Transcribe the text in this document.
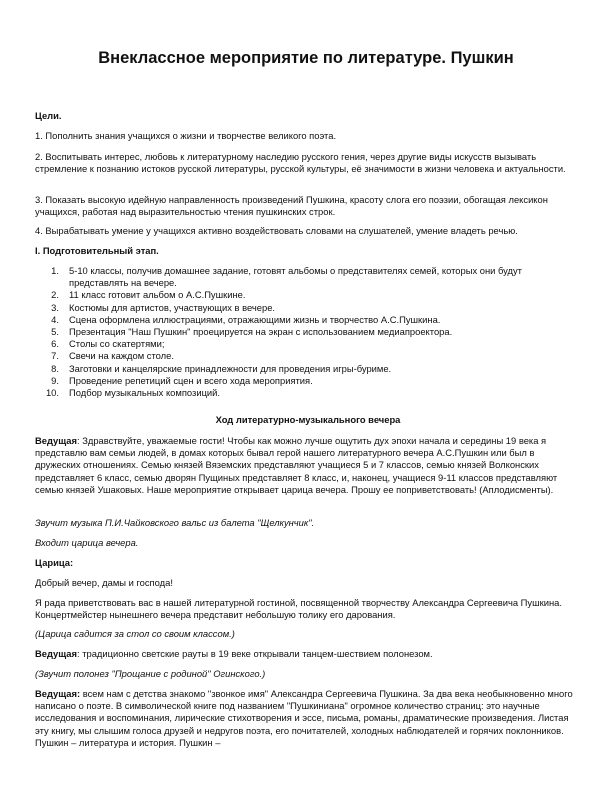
Внеклассное мероприятие по литературе. Пушкин

Цели.

1. Пополнить знания учащихся о жизни и творчестве великого поэта.

2. Воспитывать интерес, любовь к литературному наследию русского гения, через другие виды искусств вызывать стремление к познанию истоков русской литературы, русской культуры, её значимости в жизни человека и актуальности.

3. Показать высокую идейную направленность произведений Пушкина, красоту слога его поэзии, обогащая лексикон учащихся, работая над выразительностью чтения пушкинских строк.

4. Вырабатывать умение у учащихся активно воздействовать словами на слушателей, умение владеть речью.

I. Подготовительный этап.

1. 5-10 классы, получив домашнее задание, готовят альбомы о представителях семей, которых они будут представлять на вечере.
2. 11 класс готовит альбом о А.С.Пушкине.
3. Костюмы для артистов, участвующих в вечере.
4. Сцена оформлена иллюстрациями, отражающими жизнь и творчество А.С.Пушкина.
5. Презентация "Наш Пушкин" проецируется на экран с использованием медиапроектора.
6. Столы со скатертями;
7. Свечи на каждом столе.
8. Заготовки и канцелярские принадлежности для проведения игры-буриме.
9. Проведение репетиций сцен и всего хода мероприятия.
10. Подбор музыкальных композиций.

Ход литературно-музыкального вечера

Ведущая: Здравствуйте, уважаемые гости! Чтобы как можно лучше ощутить дух эпохи начала и середины 19 века я представлю вам семьи людей, в домах которых бывал герой нашего литературного вечера А.С.Пушкин или был в дружеских отношениях. Семью князей Вяземских представляют учащиеся 5 и 7 классов, семью князей Волконских представляет 6 класс, семью дворян Пущиных представляет 8 класс, и, наконец, учащиеся 9-11 классов представляют семью князей Ушаковых. Наше мероприятие открывает царица вечера. Прошу ее поприветствовать! (Аплодисменты).

Звучит музыка П.И.Чайковского вальс из балета "Щелкунчик".

Входит царица вечера.

Царица:

Добрый вечер, дамы и господа!

Я рада приветствовать вас в нашей литературной гостиной, посвященной творчеству Александра Сергеевича Пушкина. Концертмейстер нынешнего вечера представит небольшую толику его дарования.

(Царица садится за стол со своим классом.)

Ведущая: традиционно светские рауты в 19 веке открывали танцем-шествием полонезом.

(Звучит полонез "Прощание с родиной" Огинского.)

Ведущая: всем нам с детства знакомо "звонкое имя" Александра Сергеевича Пушкина. За два века необыкновенно много написано о поэте. В символической книге под названием "Пушкиниана" огромное количество страниц: это научные исследования и воспоминания, лирические стихотворения и эссе, письма, романы, драматические произведения. Листая эту книгу, мы слышим голоса друзей и недругов поэта, его почитателей, холодных наблюдателей и горячих поклонников. Пушкин – литература и история. Пушкин –
